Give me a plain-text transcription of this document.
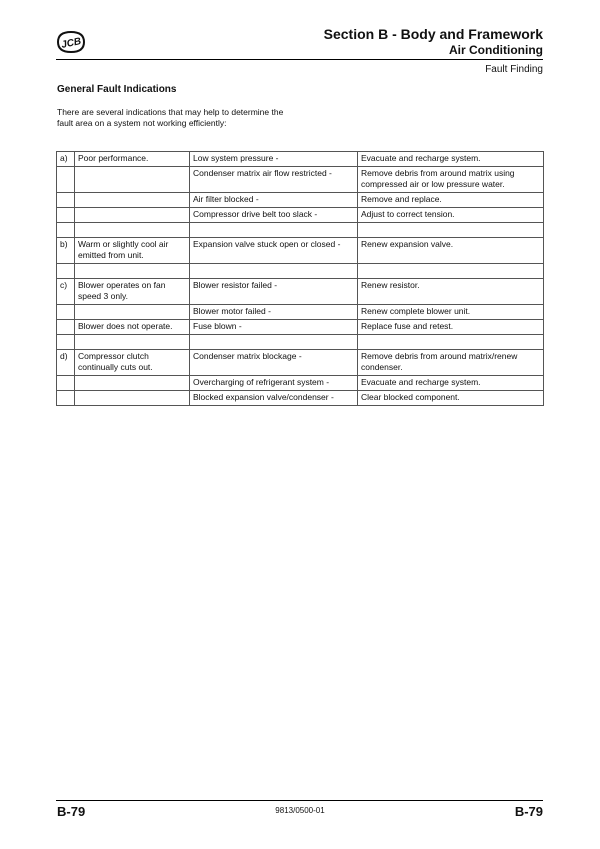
JCB
Section B - Body and Framework
Air Conditioning
Fault Finding
General Fault Indications
There are several indications that may help to determine the fault area on a system not working efficiently:
a)	Poor performance.	Low system pressure -	Evacuate and recharge system.
		Condenser matrix air flow restricted -	Remove debris from around matrix using compressed air or low pressure water.
		Air filter blocked -	Remove and replace.
		Compressor drive belt too slack -	Adjust to correct tension.

b)	Warm or slightly cool air emitted from unit.	Expansion valve stuck open or closed -	Renew expansion valve.

c)	Blower operates on fan speed 3 only.	Blower resistor failed -	Renew resistor.
		Blower motor failed -	Renew complete blower unit.
	Blower does not operate.	Fuse blown -	Replace fuse and retest.

d)	Compressor clutch continually cuts out.	Condenser matrix blockage -	Remove debris from around matrix/renew condenser.
		Overcharging of refrigerant system -	Evacuate and recharge system.
		Blocked expansion valve/condenser -	Clear blocked component.
B-79	9813/0500-01	B-79
